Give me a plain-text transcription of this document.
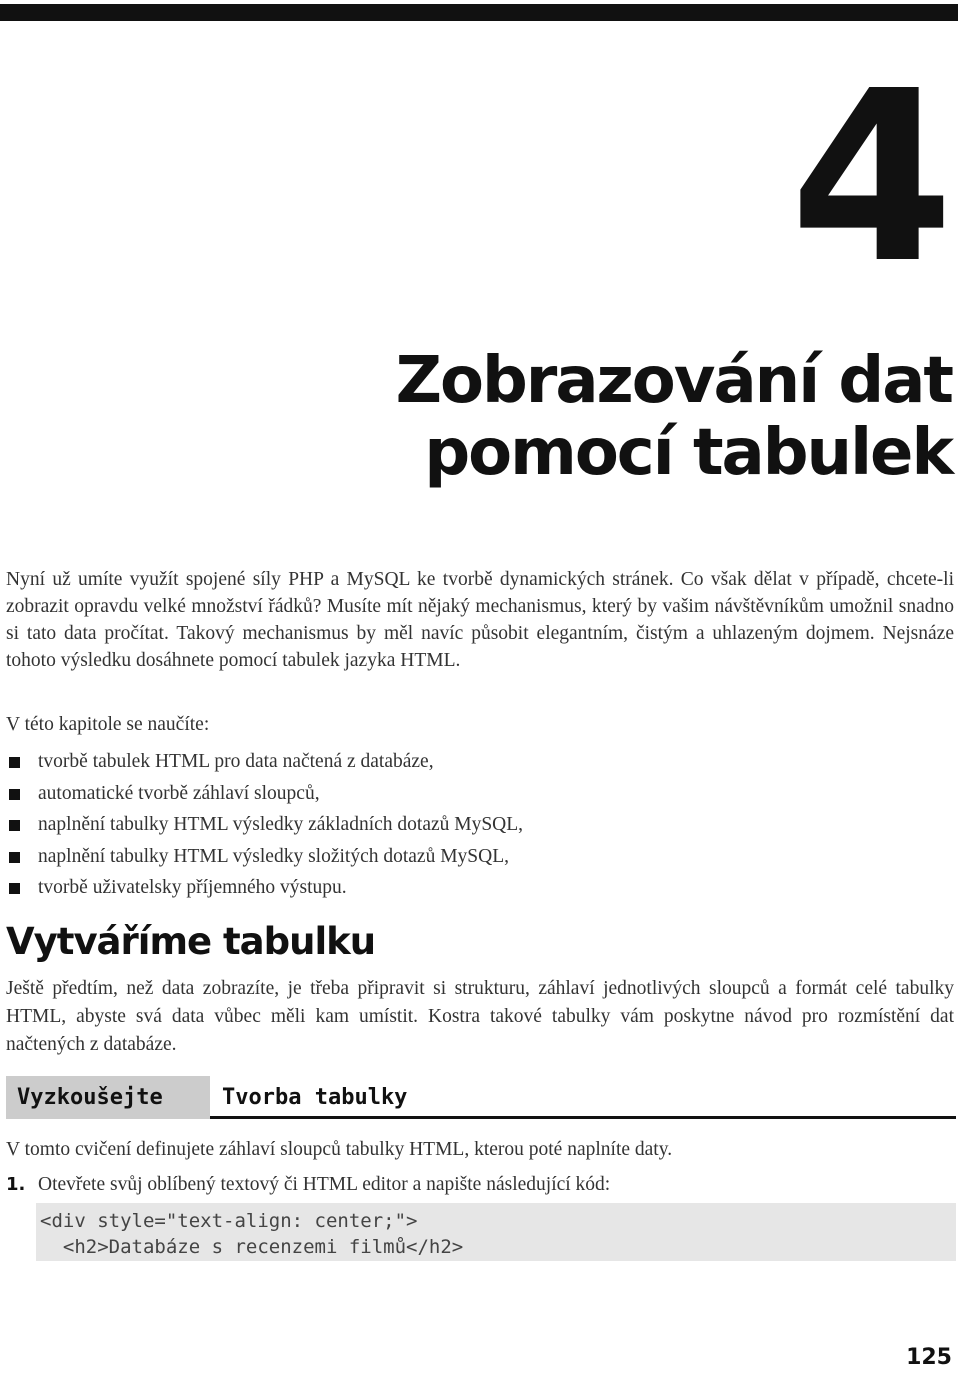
4
Zobrazování dat
pomocí tabulek

Nyní už umíte využít spojené síly PHP a MySQL ke tvorbě dynamických stránek. Co však dělat v případě, chcete-li zobrazit opravdu velké množství řádků? Musíte mít nějaký mechanismus, který by vašim návštěvníkům umožnil snadno si tato data pročítat. Takový mechanismus by měl navíc působit elegantním, čistým a uhlazeným dojmem. Nejsnáze tohoto výsledku dosáhnete pomocí tabulek jazyka HTML.

V této kapitole se naučíte:

tvorbě tabulek HTML pro data načtená z databáze,
automatické tvorbě záhlaví sloupců,
naplnění tabulky HTML výsledky základních dotazů MySQL,
naplnění tabulky HTML výsledky složitých dotazů MySQL,
tvorbě uživatelsky příjemného výstupu.
Vytváříme tabulku

Ještě předtím, než data zobrazíte, je třeba připravit si strukturu, záhlaví jednotlivých sloupců a formát celé tabulky HTML, abyste svá data vůbec měli kam umístit. Kostra takové tabulky vám poskytne návod pro rozmístění dat načtených z databáze.

Vyzkoušejte	Tvorba tabulky

V tomto cvičení definujete záhlaví sloupců tabulky HTML, kterou poté naplníte daty.

1. Otevřete svůj oblíbený textový či HTML editor a napište následující kód:

<div style="text-align: center;">
<h2>Databáze s recenzemi filmů</h2>

125
